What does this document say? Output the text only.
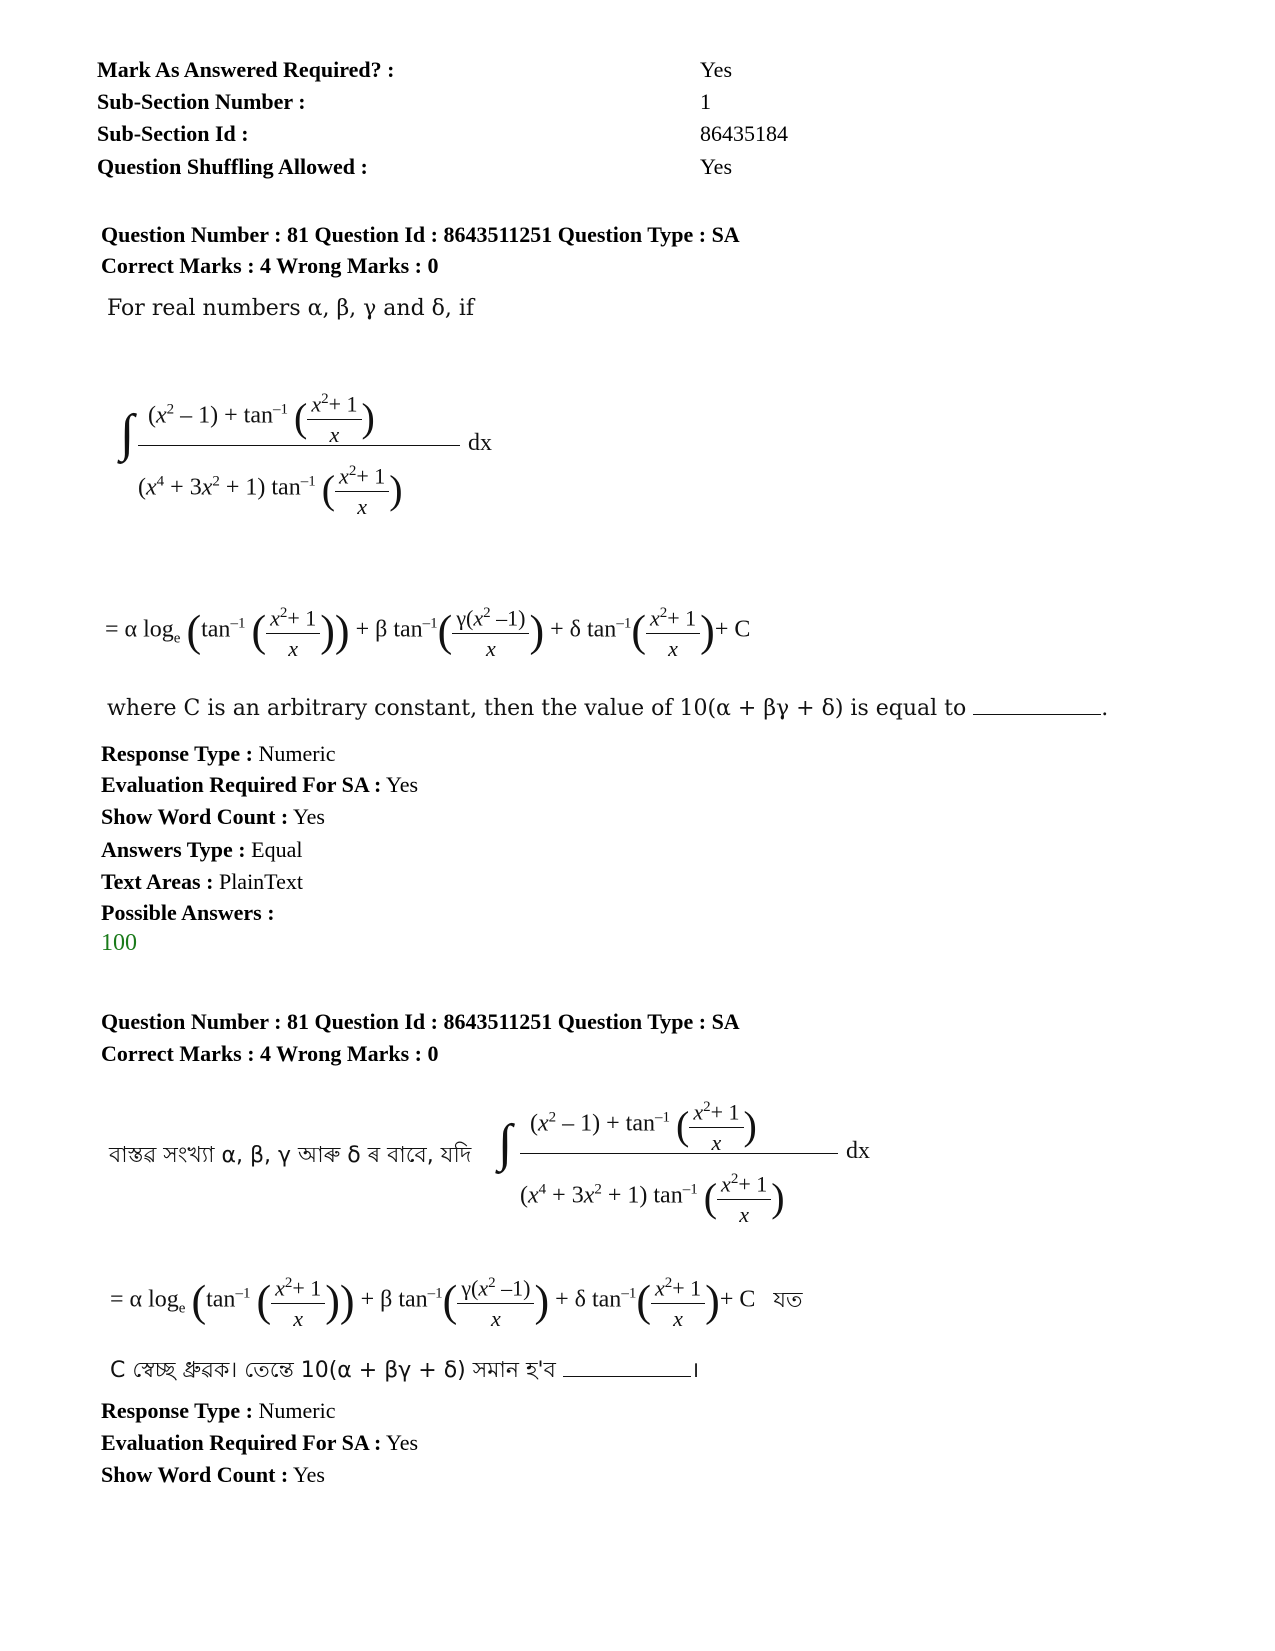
Mark As Answered Required? :	Yes
Sub-Section Number :	1
Sub-Section Id :	86435184
Question Shuffling Allowed :	Yes
Question Number : 81 Question Id : 8643511251 Question Type : SA
Correct Marks : 4 Wrong Marks : 0
For real numbers α, β, γ and δ, if
∫ $(x^2 - 1) + \tan^{-1}$ ( $\frac{x^2+ 1}{x}$ )
$(x^4 + 3x^2 + 1)$ $\tan^{-1}$ ( $\frac{x^2+ 1}{x}$ )
dx
= α $\log_e (\tan^{-1}$ ( $\frac{x^2+ 1}{x}$ )) + β $\tan^{-1}( \frac{\gamma(x^2 -1)}{x}$ ) + δ $\tan^{-1}( \frac{x^2+ 1}{x}$ )+ C
where C is an arbitrary constant, then the value of 10(α + βγ + δ) is equal to	.
Response Type : Numeric
Evaluation Required For SA : Yes
Show Word Count : Yes
Answers Type : Equal
Text Areas : PlainText
Possible Answers :
100
Question Number : 81 Question Id : 8643511251 Question Type : SA
Correct Marks : 4 Wrong Marks : 0
বাস্তৱ সংখ্যা α, β, γ আৰু δ ৰ বাবে, যদি ∫ $(x^2 - 1) + \tan^{-1}$ ( $\frac{x^2+ 1}{x}$ )
$(x^4 + 3x^2 + 1)$ $\tan^{-1}$ ( $\frac{x^2+ 1}{x}$ )
dx
= α $\log_e (\tan^{-1}$ ( $\frac{x^2+ 1}{x}$ )) + β $\tan^{-1}( \frac{\gamma(x^2 -1)}{x}$ ) + δ $\tan^{-1}( \frac{x^2+ 1}{x}$ )+ C যত
C স্বেচ্ছ ধ্ৰুৱক। তেন্তে 10(α + βγ + δ) সমান হ'ব	।
Response Type : Numeric
Evaluation Required For SA : Yes
Show Word Count : Yes
